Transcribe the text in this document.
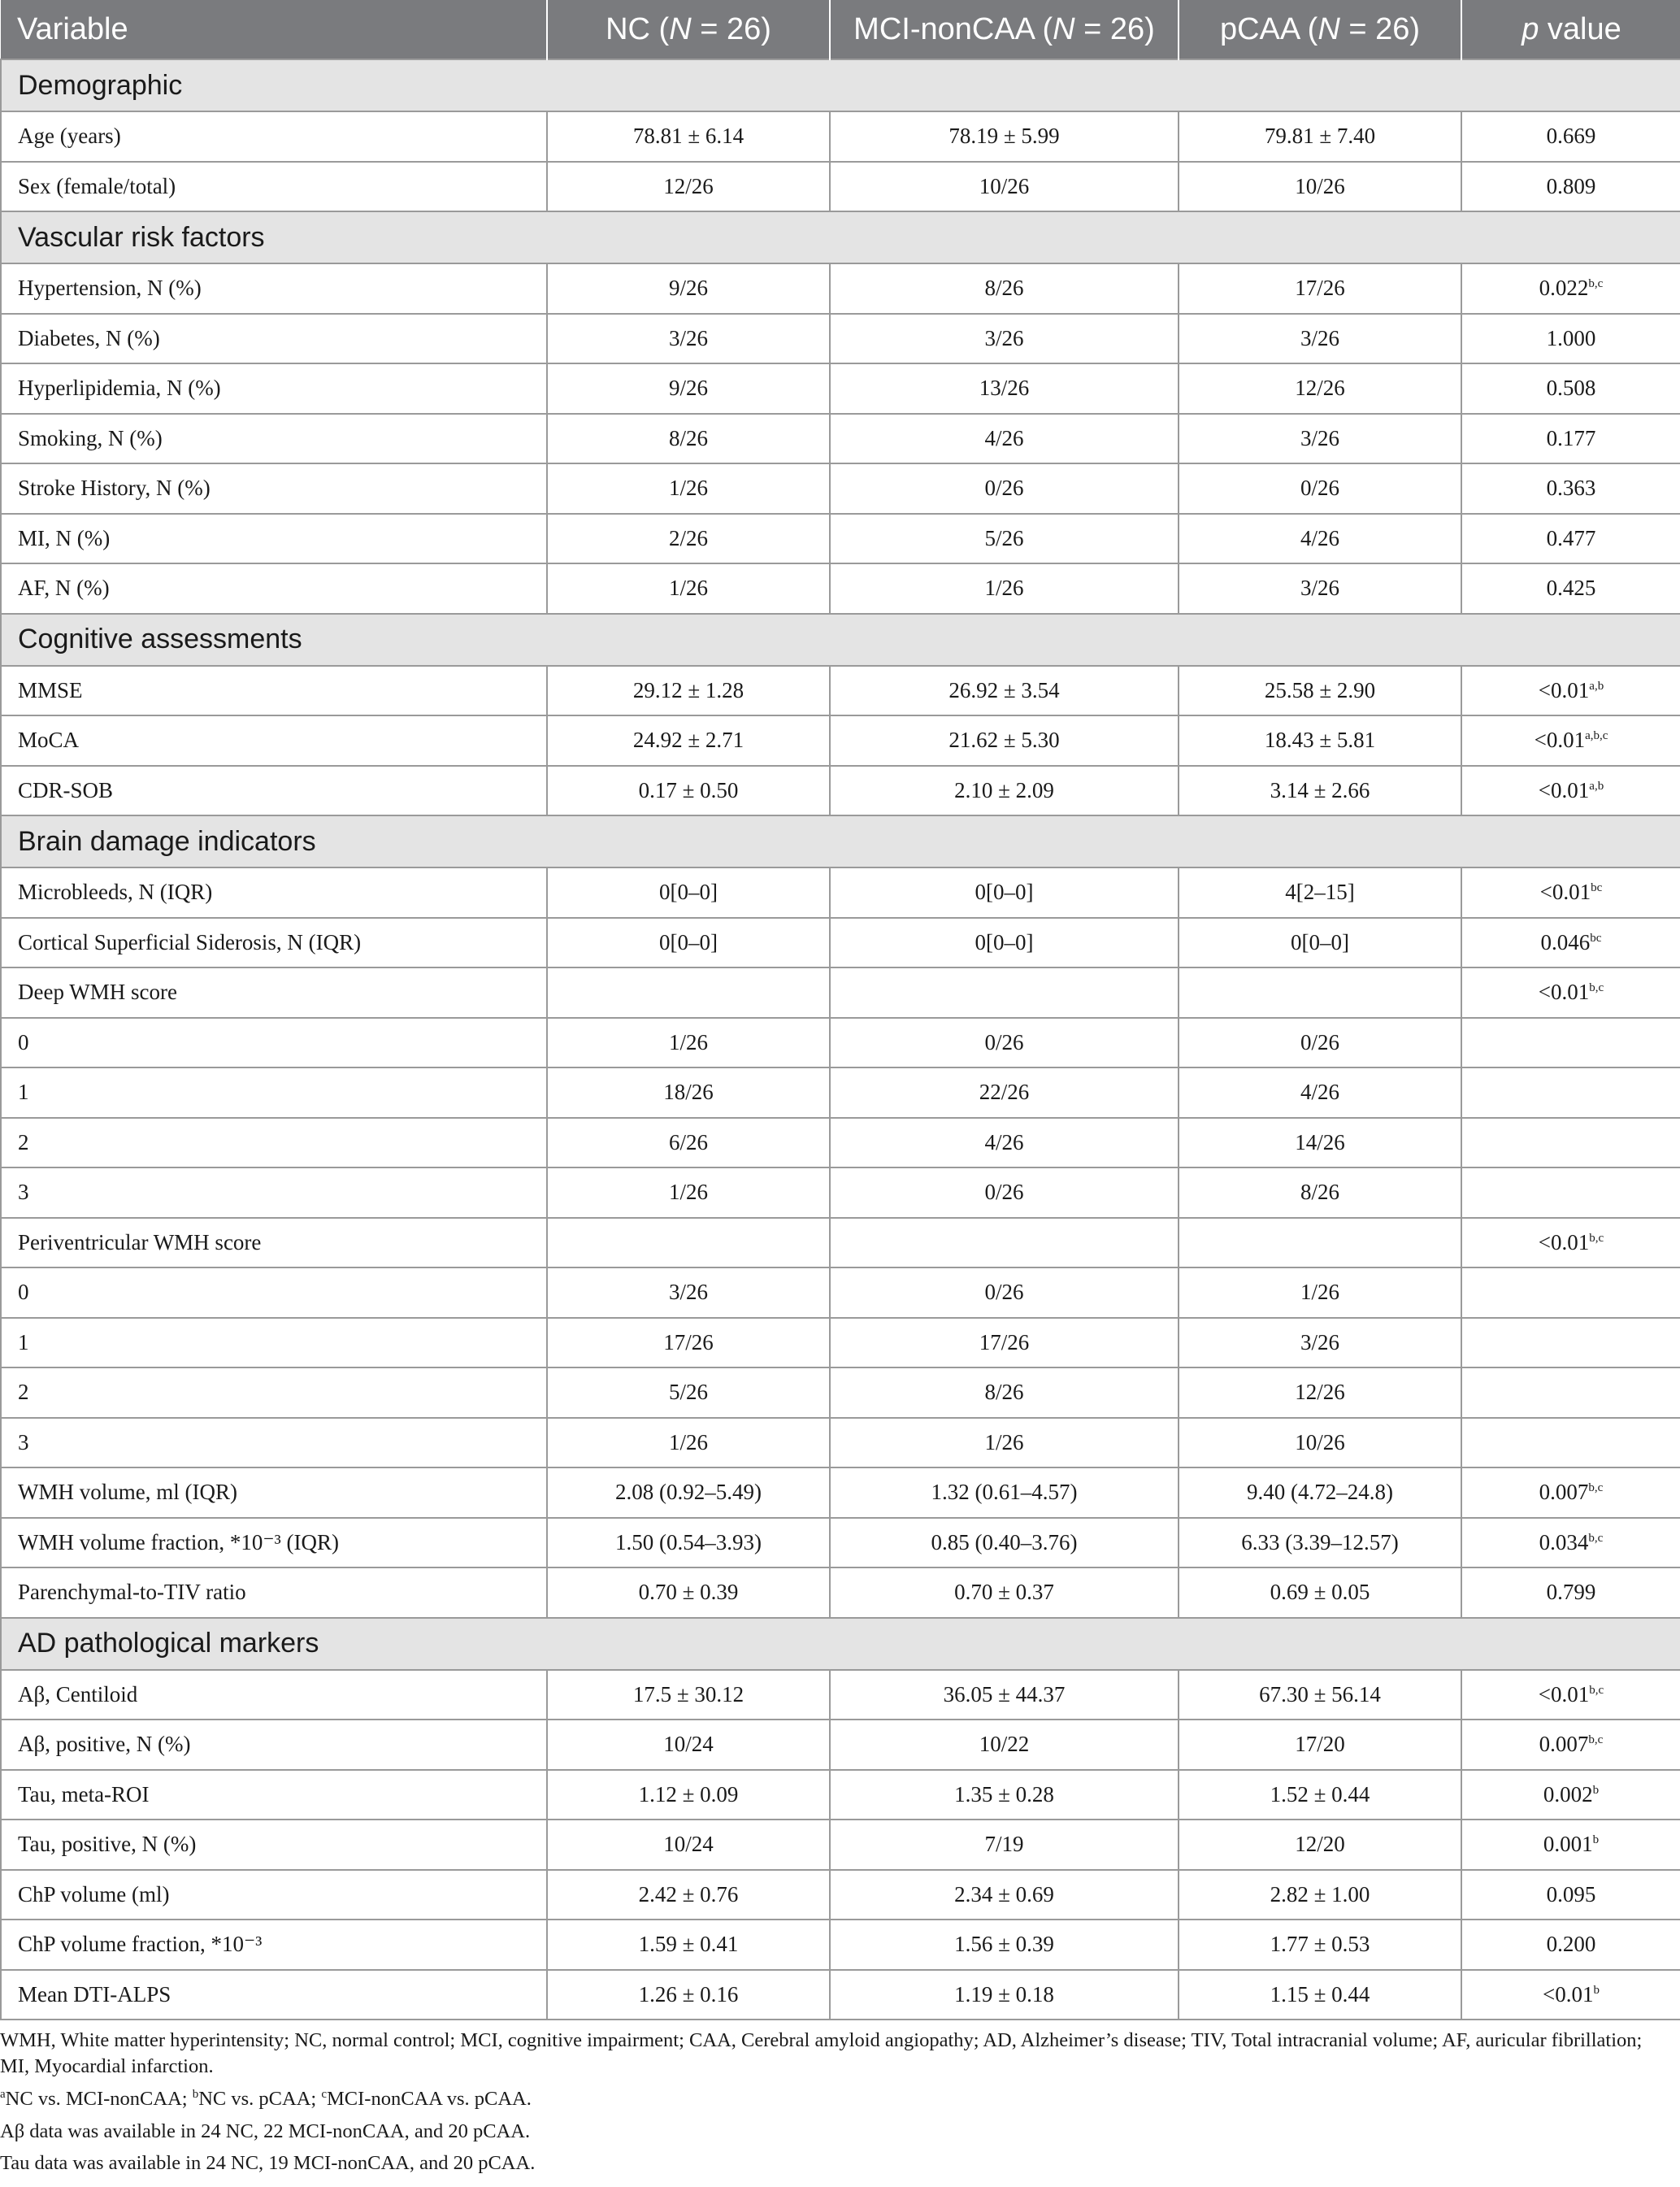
Variable	NC (N = 26)	MCI-nonCAA (N = 26)	pCAA (N = 26)	p value
Demographic				
Age (years)	78.81 ± 6.14	78.19 ± 5.99	79.81 ± 7.40	0.669
Sex (female/total)	12/26	10/26	10/26	0.809
Vascular risk factors				
Hypertension, N (%)	9/26	8/26	17/26	0.022$^{b,c}$
Diabetes, N (%)	3/26	3/26	3/26	1.000
Hyperlipidemia, N (%)	9/26	13/26	12/26	0.508
Smoking, N (%)	8/26	4/26	3/26	0.177
Stroke History, N (%)	1/26	0/26	0/26	0.363
MI, N (%)	2/26	5/26	4/26	0.477
AF, N (%)	1/26	1/26	3/26	0.425
Cognitive assessments				
MMSE	29.12 ± 1.28	26.92 ± 3.54	25.58 ± 2.90	$<0.01^{a,b}$
MoCA	24.92 ± 2.71	21.62 ± 5.30	18.43 ± 5.81	$<0.01^{a,b,c}$
CDR-SOB	0.17 ± 0.50	2.10 ± 2.09	3.14 ± 2.66	$<0.01^{a,b}$
Brain damage indicators				
Microbleeds, N (IQR)	0[0–0]	0[0–0]	4[2–15]	<0.01$^{bc}$
Cortical Superficial Siderosis, N (IQR)	0[0–0]	0[0–0]	0[0–0]	0.046$^{bc}$
Deep WMH score				$<0.01^{b,c}$
0	1/26	0/26	0/26	
1	18/26	22/26	4/26	
2	6/26	4/26	14/26	
3	1/26	0/26	8/26	
Periventricular WMH score				$<0.01^{b,c}$
0	3/26	0/26	1/26	
1	17/26	17/26	3/26	
2	5/26	8/26	12/26	
3	1/26	1/26	10/26	
WMH volume, ml (IQR)	2.08 (0.92–5.49)	1.32 (0.61–4.57)	9.40 (4.72–24.8)	0.007$^{b,c}$
WMH volume fraction, *10⁻³ (IQR)	1.50 (0.54–3.93)	0.85 (0.40–3.76)	6.33 (3.39–12.57)	0.034$^{b,c}$
Parenchymal-to-TIV ratio	0.70 ± 0.39	0.70 ± 0.37	0.69 ± 0.05	0.799
AD pathological markers				
Aβ, Centiloid	17.5 ± 30.12	36.05 ± 44.37	67.30 ± 56.14	$<0.01^{b,c}$
Aβ, positive, N (%)	10/24	10/22	17/20	0.007$^{b,c}$
Tau, meta-ROI	1.12 ± 0.09	1.35 ± 0.28	1.52 ± 0.44	0.002$^b$
Tau, positive, N (%)	10/24	7/19	12/20	0.001$^b$
ChP volume (ml)	2.42 ± 0.76	2.34 ± 0.69	2.82 ± 1.00	0.095
ChP volume fraction, *10⁻³	1.59 ± 0.41	1.56 ± 0.39	1.77 ± 0.53	0.200
Mean DTI-ALPS	1.26 ± 0.16	1.19 ± 0.18	1.15 ± 0.44	<0.01$^b$

WMH, White matter hyperintensity; NC, normal control; MCI, cognitive impairment; CAA, Cerebral amyloid angiopathy; AD, Alzheimer’s disease; TIV, Total intracranial volume; AF, auricular fibrillation; MI, Myocardial infarction.

$^a$NC vs. MCI-nonCAA; $^b$NC vs. pCAA; $^c$MCI-nonCAA vs. pCAA.

Aβ data was available in 24 NC, 22 MCI-nonCAA, and 20 pCAA.

Tau data was available in 24 NC, 19 MCI-nonCAA, and 20 pCAA.
